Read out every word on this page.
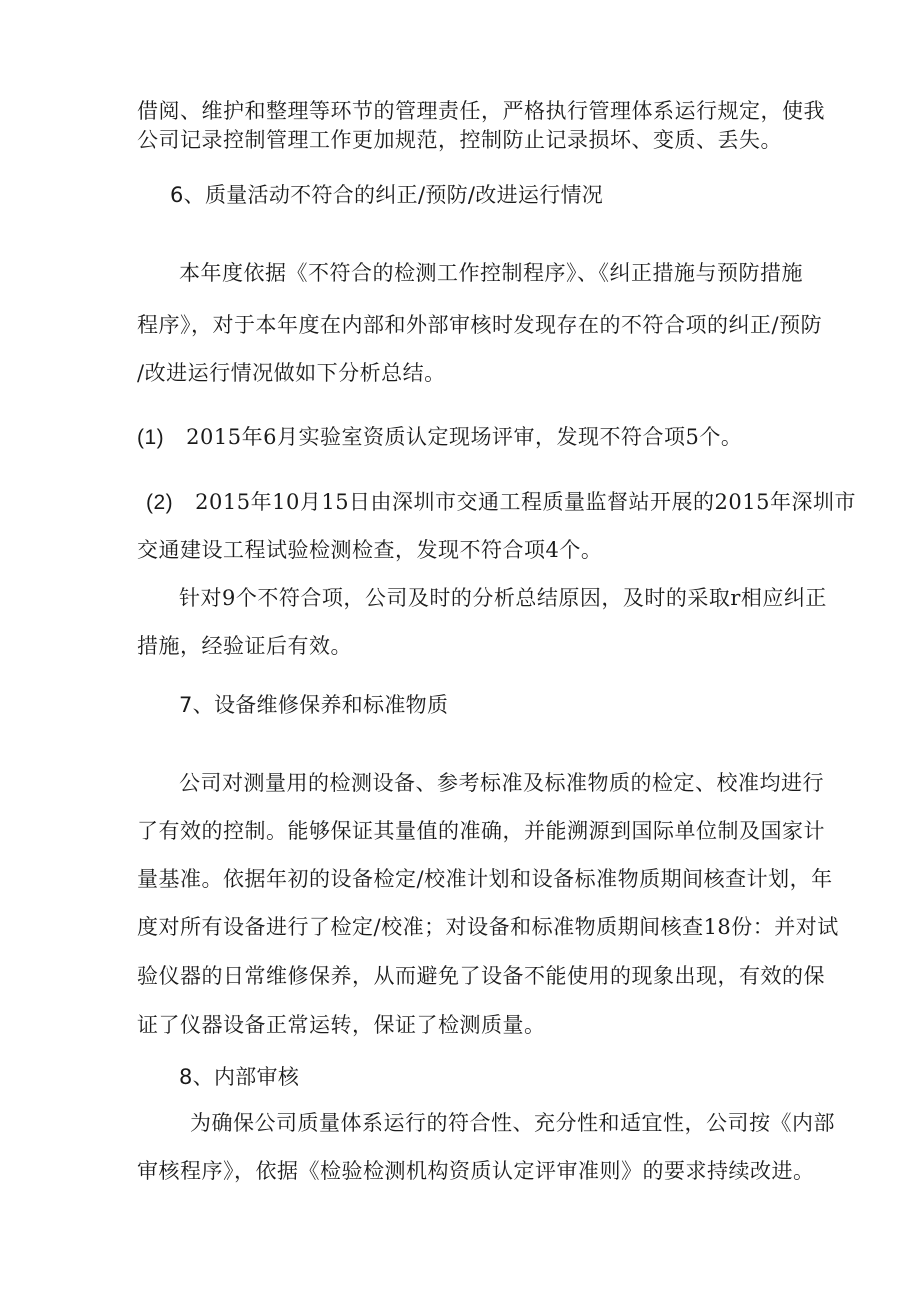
借阅、维护和整理等环节的管理责任，严格执行管理体系运行规定，使我
公司记录控制管理工作更加规范，控制防止记录损坏、变质、丢失。
6、质量活动不符合的纠正/预防/改进运行情况
本年度依据《不符合的检测工作控制程序》、《纠正措施与预防措施
程序》，对于本年度在内部和外部审核时发现存在的不符合项的纠正/预防
/改进运行情况做如下分析总结。
(1) 2015年6月实验室资质认定现场评审，发现不符合项5个。
(2) 2015年10月15日由深圳市交通工程质量监督站开展的2015年深圳市
交通建设工程试验检测检查，发现不符合项4个。
针对9个不符合项，公司及时的分析总结原因，及时的采取r相应纠正
措施，经验证后有效。
7、设备维修保养和标准物质
公司对测量用的检测设备、参考标准及标准物质的检定、校准均进行
了有效的控制。能够保证其量值的准确，并能溯源到国际单位制及国家计
量基准。依据年初的设备检定/校准计划和设备标准物质期间核查计划，年
度对所有设备进行了检定/校准；对设备和标准物质期间核查18份：并对试
验仪器的日常维修保养，从而避免了设备不能使用的现象出现，有效的保
证了仪器设备正常运转，保证了检测质量。
8、内部审核
为确保公司质量体系运行的符合性、充分性和适宜性，公司按《内部
审核程序》，依据《检验检测机构资质认定评审准则》的要求持续改进。
